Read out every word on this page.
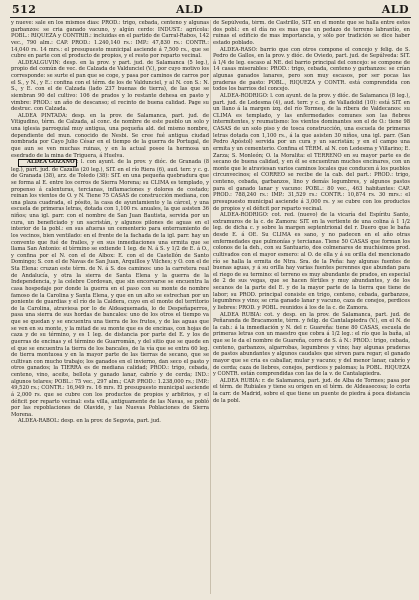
512	ALD	ALD

y nueve: sale en los mismos días: PROD.: trigo, cebada, centeno y algunas garbanzos: se cria ganado vacuno, y algún cerdo: INDUST.: agrícola: POBL.: RIQUEZA y CONTRIB.: incluidas en el partido de Carral-Rabos, 142 vec., 790 alm.: CAP. PROD.: 1.240,140 rs.: IMP.: 47,830 rs.: CONTR.: 14,040 rs. 14 mrs.: el presupuesto municipal asciende á 7,500 rs., que se cubre en parte con el producto de propios, y el resto por reparto vecinal.

ALDEALGUVIN: desp. en la prov. y part. jud. de Salamanca (5 leg.), propio del común de vec. de Calzada de Valdunciel (V.), por cuyo motivo los corresponde: se surte el pan que se coge, y pasa por caminos de carros por el S., y N., y E.: confina con el térm. de los de Valdunciel, y al N. con S.: N. S., y E. con el de Calzada (lado 237 buenas de tierra), de las que se siembran 90 del cultivo: 106 de prados y lo restante dehesa en pasto y vimbre: PROD.: un año de descanso; el recinto de buena calidad. Page su destruc. con Calzada.

ALDEA PINTADA: desp. en la prov. de Salamanca, part. jud. de Vitigudino, térm. de Calzada, al conc. de nombre de este pueblo un solo y una iglesia parroquial muy antigua, una pequeña ald. del mismo nombre, dependiente del mun. conocido de Nesbi. Se cree fué antigua ciudad nombrada por Cayo Julio César en el tiempo de la guerra de Portugal, de que aun se ven muchas ruinas, y en la actual posee la hermosa un esedrado de la mina de Triguera, á Huelva.

ALDEA GOZANO : l. con ayunt. de la prov. y dióc. de Granada (8 leg.), part. jud. de Cazalla (20 leg.), SIT. en el río Riera (6), aud. terr. y c. g. de Granada (38), arz. de Toledo (38): SIT. en una pequeña quebradura que se forma al E. entre los cerros de Sierra Morena; su CLIMA es templado, y propenso á calenturas, tercianas, inflamaciones y dolores de costado; reinan los vientos de O. y N. Tiene 75 CASAS de construcción mediana, con una plaza cuadrada, el pósito, la casa de ayuntamiento y la cárcel, y una escuela de primeras letras, dotada con 1,100 rs. anuales, la que asisten 36 niños; una igl. parr. con el nombre de San Juan Bautista, servida por un cura, un beneficiado y un sacristán, y algunos pilones de aguas en el interior de la pobl.: en sus afueras un cementerio para enterramiento de los vecinos, bien ventilado: en el frente de la fachada de la igl. parr. hay un convento que fué de frailes, y en sus inmediaciones una ermita que se llama San Antonio: el término se extiende 1 leg. de N. á S. y 1/2 de E. á O., y confina por el N. con el de Albox: E. con el de Castellón de Santo Domingo; S. con el de Navas de San Juan, Arquillos y Vilches; y O. con el de Sta Elena: cruzan este térm. de N. á S. dos caminos: uno la carretera real de Andalucía, y otra la sierra de Santa Elena y la guerra de la Independencia, y la celebre Cordovan, que sin encorvarse se encuentra la casa hospedaje por donde la guerra en el paso con su monte de nombre famoso de la Carolina y Santa Elena, y que en un alto se estrechan por un poniente de guardias y el río de la Caldera, cuyo en el monte del territorio de la Carolina, atraviesa por lo de Aldeaquemada, lo de Despeñaperros, pasa una sierra de sus hordas de bancales: uno de los otros el tiempo va que se quedan y se encuentra una tierra de los frutos, y de las aguas que se ven en su monte, y la mitad de su monte que es de encinas, con hojas de caza y de su término, y es 1 leg. de distancia por parte del E. y los de guerras de encinas y el término de Guarromán, y del sitio que se quede en el que se encuentra la tierra de los bancales, de la vía que se entra 60 leg. de tierra montuosa y en la mayor parte de las tierras de secano, que se cultivan con mucho trabajo; los ganados en el invierno, dan seco el pasto y otros ganados; la TIERRA es de mediana calidad; PROD.: trigo, cebada, centeno, vino, aceite, bellota y ganado lanar, cabrío y de cerda; IND.: algunos telares; POBL.: 75 vec., 297 alm.; CAP. PROD.: 1.238,000 rs.; IMP.: 49,520 rs.; CONTR.: 16,949 rs. 16 mrs. El presupuesto municipal asciende á 2,000 rs. que se cubre con los productos de propios y arbitrios, y el déficit por reparto vecinal: esta villa, antiguamente de las Navas, se pobló por las repoblaciones de Olavide, y las Nuevas Poblaciones de Sierra Morena.

ALDEA-RABOL: desp. en la prov. de Segovia, part. jud.

de Sepúlveda, térm. de Castrillo, SIT. en el monte que se halla entre estos dos pobl.: en el día no es mas que un pedazo de terreno labrantío, en ruinas el edificio de mas importancia, y sólo por tradición se dice haber estado poblado.

ALDEA-RASO: barrio que con otros compone el concejo y felig. de S. Pedro de Gallos, en la prov. y dióc. de Oviedo, part. jud. de Sepúlveda: SIT. á 1/4 de leg. escaso al NE. del barrio principal del concejo: se compone de 14 casas miserables: PROD.: trigo, cebada, centeno y garbanzos: se crían algunas ganados lanares, pero son muy escasos, por ser pocas las praderas de pasto: POBL., RIQUEZA y CONTR. está comprendida con todos los barrios del concejo.

ALDEA-RODRIGO: l. con ayunt. de la prov. y dióc. de Salamanca (8 leg.), part. jud. de Ledesma (4), aud. terr. y c. g. de Valladolid (10): está SIT. en un llano á la margen izq. del río Tormes, de la ribera de Valdecanos: su CLIMA es templado, y las enfermedades comunes son las fiebres intermitentes, y reumatismo: los vientos dominantes son el de O.: tiene 98 CASAS de un solo piso y de tosca construcción, una escuela de primeras letras dotada con 1,100 rs., á la que asisten 30 niños, una igl. parr. (San Pedro Apóstol) servida por un cura y un sacristán; y en el campo una ermita y un cementerio. Confina el TÉRM. al N. con Ledesma y Villarino; E. Zarza; S. Monleón; O. la Moralita: el TERRENO en su mayor parte es de secano de buena calidad, y en él se encuentran muchos encinares, con un monte que le atraviesan varios caminos locales que conducen á los pueblos circunvecinos; el CORREO se recibe de la cab. del part.: PROD.: trigo, centeno, cebada, garbanzos, lino y demás legumbres, y algunos pastos para el ganado lanar y vacuno: POBL.: 80 vec., 463 habitantes: CAP. PROD.: 788,240 rs.: IMP.: 31,529 rs.: CONTR.: 10,874 rs. 30 mrs.: el presupuesto municipal asciende á 3,000 rs. y se cubre con los productos de propios y el déficit por reparto vecinal.

ALDEA-RODRIGO: cot. red. (nuevo) de la vicaría del Espíritu Santo, extramuros de la c. de Zamora: SIT. en la vertiente de una colina á 1 1/2 leg. de dicha c. y sobre la margen septentrional del r. Duero que le baña desde E. á OE. Su CLIMA es sano, y no padecen en el año otras enfermedades que pulmonías y tercianas. Tiene 50 CASAS que forman los colonos de la deh., con su Santuario, dos colmenares de muchísimos prod. cultivados con el mayor esmero: al O. de ella y á su orilla del mencionado río se halla la ermita de Ntra. Sra. de la Peña: hay algunas fuentes de buenas aguas, y á su orilla hay varias fuentes perennes que abundan para el riego de su termino: el terreno es muy abundante de prados, en especial de 2 de sus vegas, que se hacen fértiles y muy abundantes, y de los secanos de la parte del E. y de la mayor parte de la tierra que tiene de labor; su PROD. principal consiste en trigo, centeno, cebada, garbanzos, legumbres y vino; se cria ganado lanar y vacuno, caza de conejos, perdices y liebres: PROD. y POBL. reunidos á los de la c. de Zamora.

ALDEA RUBIA: cot. y desp. en la prov. de Salamanca, part. jud. de Peñaranda de Bracamonte, térm. y felig. de Cantalapiedra (V.), en el N. de la cab.: á la inmediación y N. del r. Guareña: tiene 80 CASAS, escuela de primeras letras con un maestro que cobra á 1/2 leg.: el río que la baña, al que se le da el nombre de Guareña, corre de S. á N.: PROD.: trigo, cebada, centeno, garbanzos, algarrobas, legumbres y vino; hay algunas praderas de pastos abundantes y algunos caudales que sirven para regar; el ganado mayor que se cria es caballar, mular y vacuno; y del menor lanar, cabrío y de cerda; caza de liebres, conejos, perdices y palomas; la POBL. RIQUEZA y CONTR. están comprendidas con las de la v. de Cantalapiedra.

ALDEA RUBIA: r. de Salamanca, part. jud. de Alba de Tormes; pasa por el térm. de Rubiales y tiene su orígen en el térm. de Aldeasecosa; lo corta la carr. de Madrid, sobre el que tiene un puente de piedra á poca distancia de la pobl.
